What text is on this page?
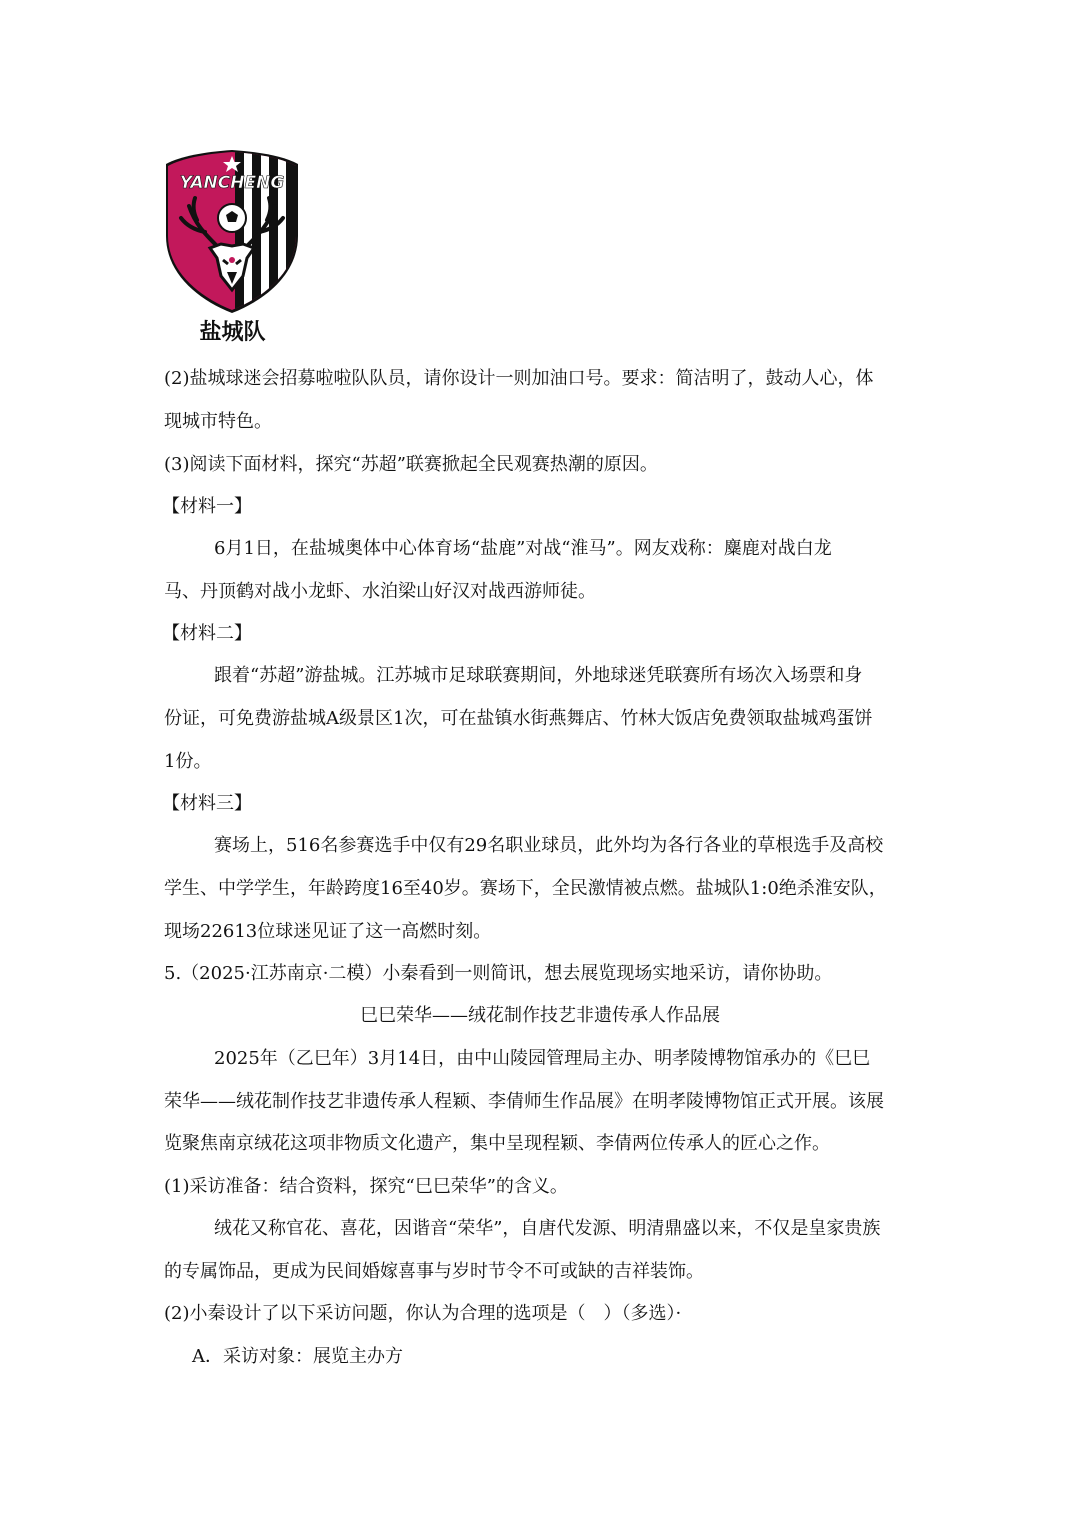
YANCHENG
盐城队
(2)盐城球迷会招募啦啦队队员，请你设计一则加油口号。要求：简洁明了，鼓动人心，体
现城市特色。
(3)阅读下面材料，探究“苏超”联赛掀起全民观赛热潮的原因。
【材料一】
6月1日，在盐城奥体中心体育场“盐鹿”对战“淮马”。网友戏称：麋鹿对战白龙
马、丹顶鹤对战小龙虾、水泊梁山好汉对战西游师徒。
【材料二】
跟着“苏超”游盐城。江苏城市足球联赛期间，外地球迷凭联赛所有场次入场票和身
份证，可免费游盐城A级景区1次，可在盐镇水街燕舞店、竹林大饭店免费领取盐城鸡蛋饼
1份。
【材料三】
赛场上，516名参赛选手中仅有29名职业球员，此外均为各行各业的草根选手及高校
学生、中学学生，年龄跨度16至40岁。赛场下，全民激情被点燃。盐城队1:0绝杀淮安队，
现场22613位球迷见证了这一高燃时刻。
5.（2025·江苏南京·二模）小秦看到一则简讯，想去展览现场实地采访，请你协助。
巳巳荣华——绒花制作技艺非遗传承人作品展
2025年（乙巳年）3月14日，由中山陵园管理局主办、明孝陵博物馆承办的《巳巳
荣华——绒花制作技艺非遗传承人程颖、李倩师生作品展》在明孝陵博物馆正式开展。该展
览聚焦南京绒花这项非物质文化遗产，集中呈现程颖、李倩两位传承人的匠心之作。
(1)采访准备：结合资料，探究“巳巳荣华”的含义。
绒花又称官花、喜花，因谐音“荣华”，自唐代发源、明清鼎盛以来，不仅是皇家贵族
的专属饰品，更成为民间婚嫁喜事与岁时节令不可或缺的吉祥装饰。
(2)小秦设计了以下采访问题，你认为合理的选项是（　）（多选）·
A．采访对象：展览主办方
